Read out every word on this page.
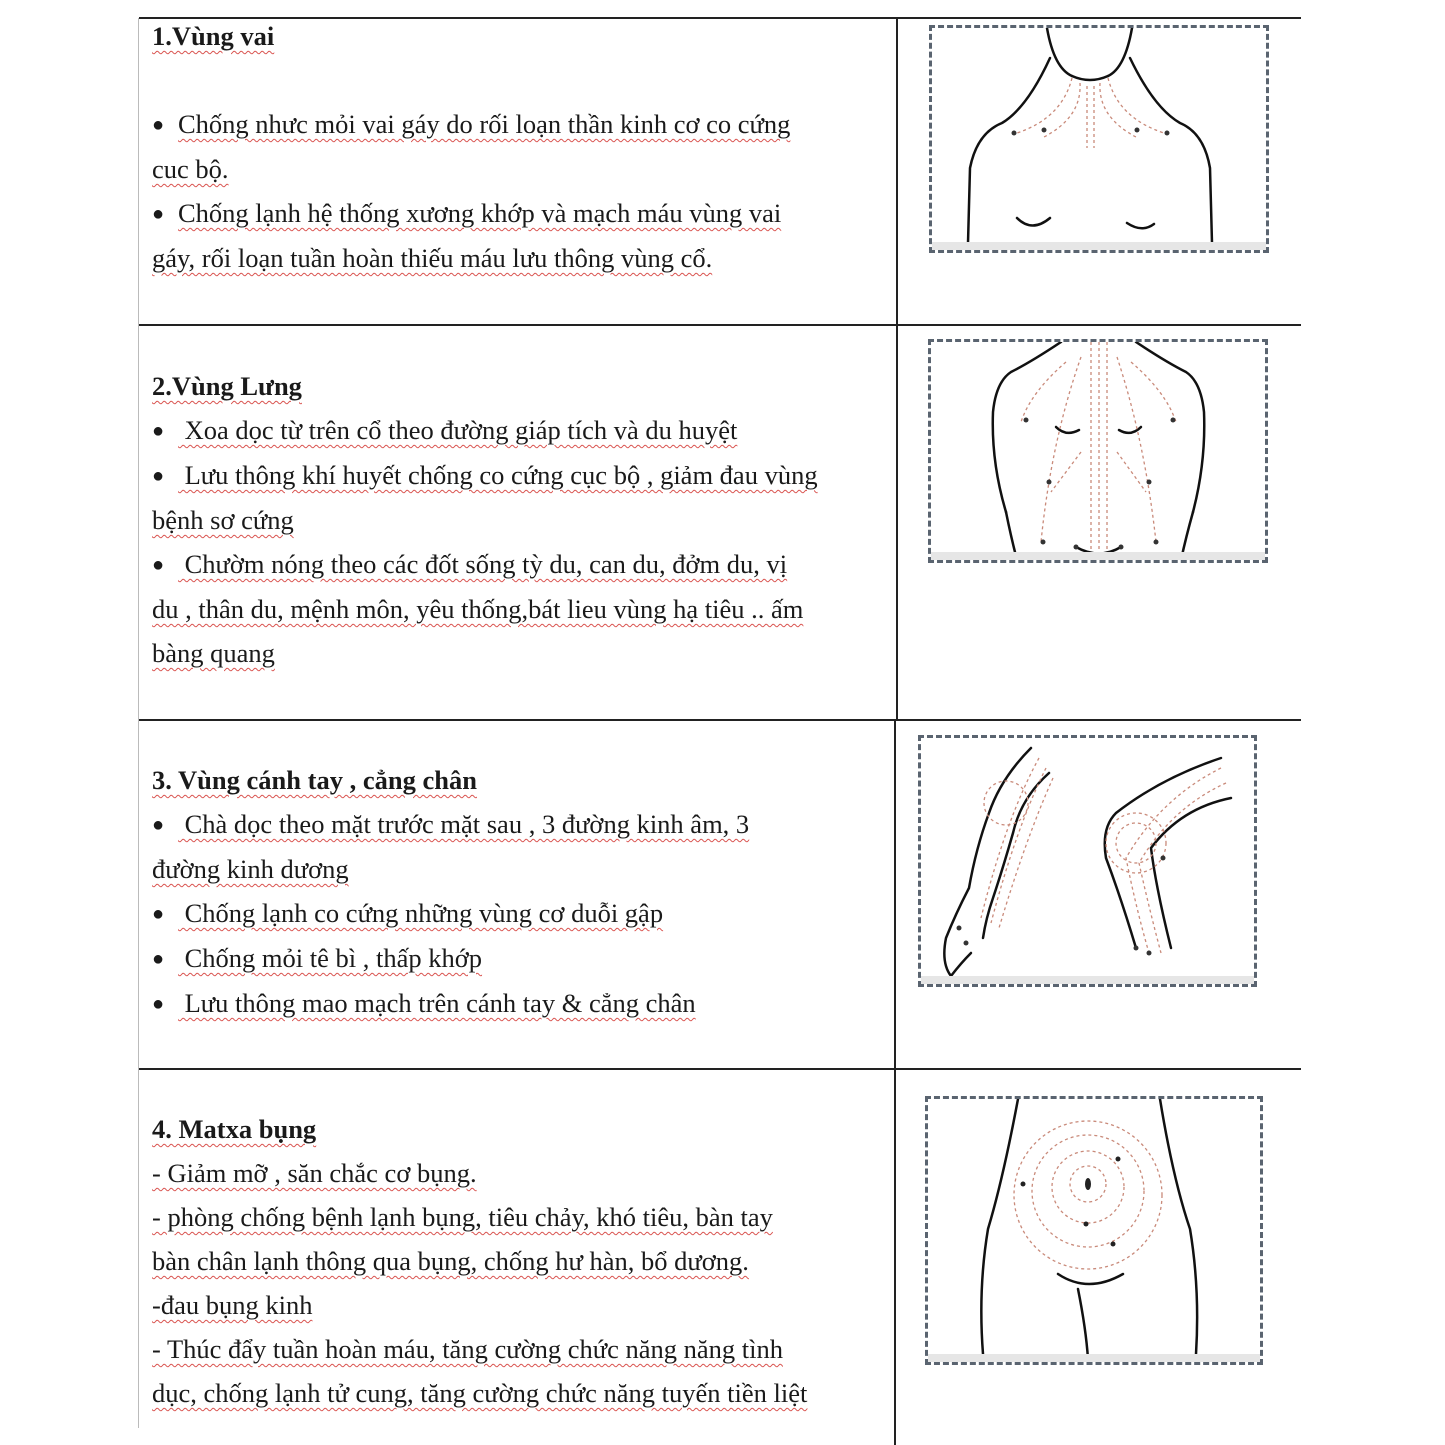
1.Vùng vai

● Chống nhưc mỏi vai gáy do rối loạn thần kinh cơ co cứng
cuc bộ.
● Chống lạnh hệ thống xương khớp và mạch máu vùng vai
gáy, rối loạn tuần hoàn thiếu máu lưu thông vùng cổ.
2.Vùng Lưng
● Xoa dọc từ trên cổ theo đường giáp tích và du huyệt
● Lưu thông khí huyết chống co cứng cục bộ , giảm đau vùng
bệnh sơ cứng
● Chườm nóng theo các đốt sống tỳ du, can du, đởm du, vị
du , thân du, mệnh môn, yêu thống,bát lieu vùng hạ tiêu .. ấm
bàng quang
3. Vùng cánh tay , cẳng chân
● Chà dọc theo mặt trước mặt sau , 3 đường kinh âm, 3
đường kinh dương
● Chống lạnh co cứng những vùng cơ duỗi gập
● Chống mỏi tê bì , thấp khớp
● Lưu thông mao mạch trên cánh tay & cẳng chân
4. Matxa bụng
- Giảm mỡ , săn chắc cơ bụng.
- phòng chống bệnh lạnh bụng, tiêu chảy, khó tiêu, bàn tay
bàn chân lạnh thông qua bụng, chống hư hàn, bổ dương.
-đau bụng kinh
- Thúc đẩy tuần hoàn máu, tăng cường chức năng năng tình
dục, chống lạnh tử cung, tăng cường chức năng tuyến tiền liệt
